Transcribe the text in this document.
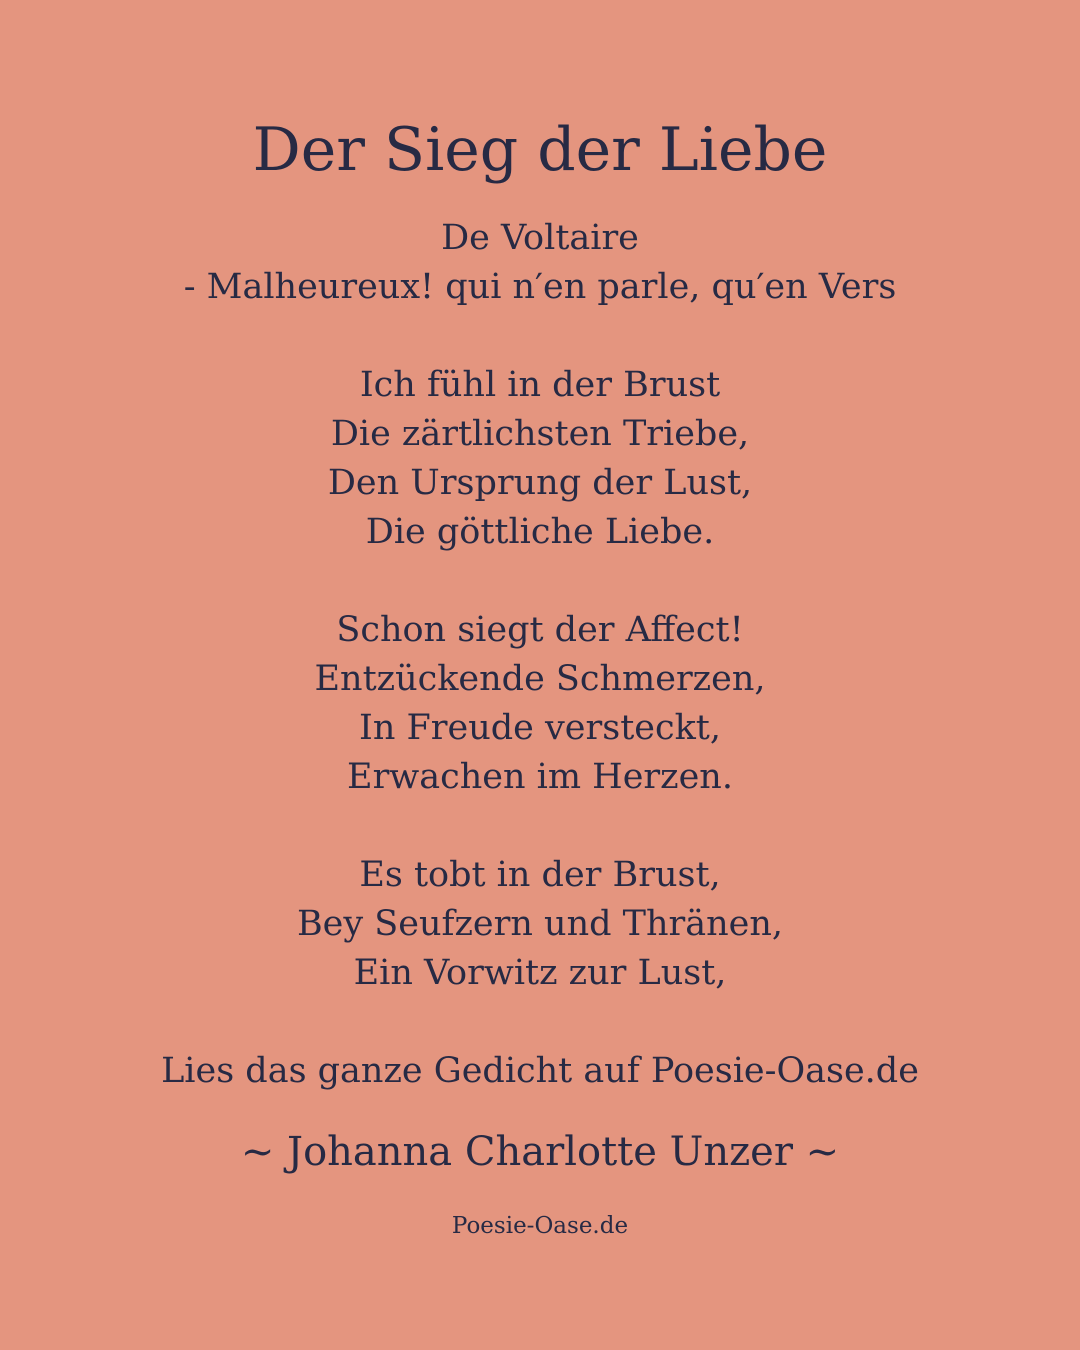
Der Sieg der Liebe
De Voltaire
- Malheureux! qui n′en parle, qu′en Vers
Ich fühl in der Brust
Die zärtlichsten Triebe,
Den Ursprung der Lust,
Die göttliche Liebe.
Schon siegt der Affect!
Entzückende Schmerzen,
In Freude versteckt,
Erwachen im Herzen.
Es tobt in der Brust,
Bey Seufzern und Thränen,
Ein Vorwitz zur Lust,
Lies das ganze Gedicht auf Poesie-Oase.de
~ Johanna Charlotte Unzer ~
Poesie-Oase.de
